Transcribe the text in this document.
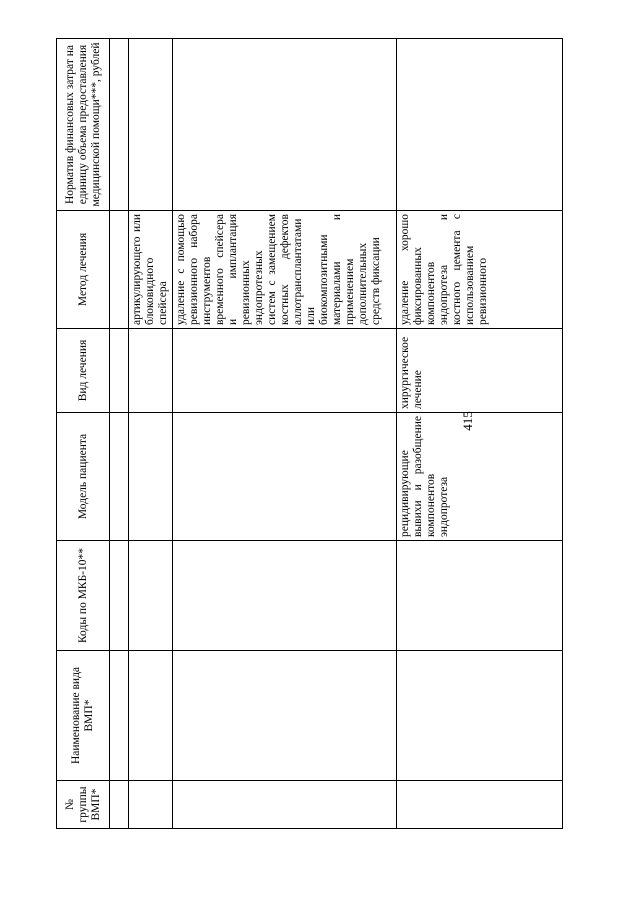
415
№ группы ВМП*	Наименование вида ВМП*	Коды по МКБ-10**	Модель пациента	Вид лечения	Метод лечения	Норматив финансовых затрат на единицу объема предоставления медицинской помощи***, рублей

					артикулирующего или блоковидного спейсера	
					удаление с помощью ревизионного набора инструментов временного спейсера и имплантация ревизионных эндопротезных систем с замещением костных дефектов аллотрансплантатами или биокомпозитными материалами и применением дополнительных средств фиксации	
			рецидивирующие вывихи и разобщение компонентов эндопротеза	хирургическое лечение	удаление хорошо фиксированных компонентов эндопротеза и костного цемента с использованием ревизионного	
